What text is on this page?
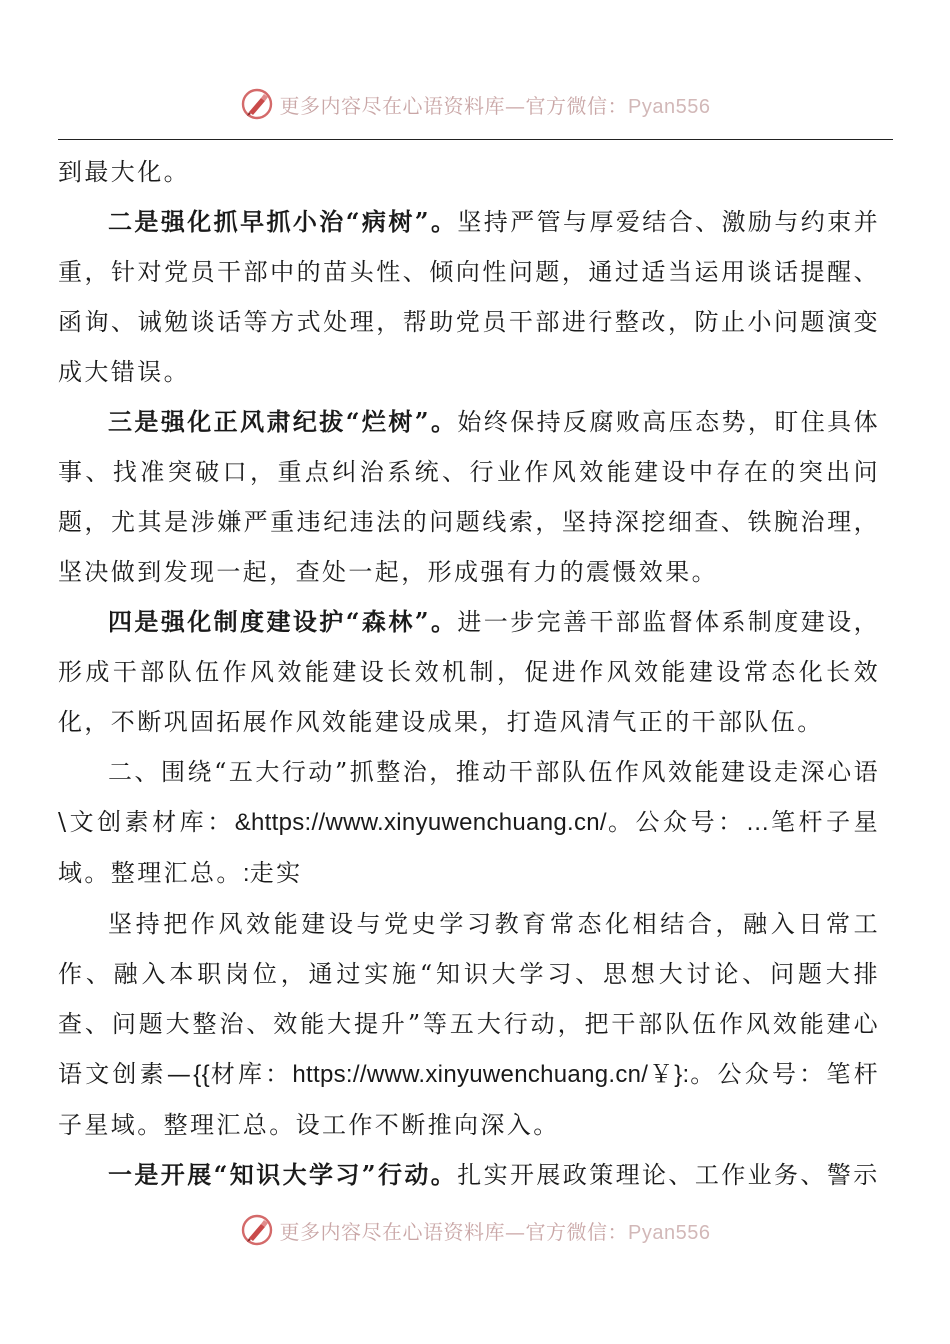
更多内容尽在心语资料库—官方微信：Pyan556

到最大化。

二是强化抓早抓小治“病树”。坚持严管与厚爱结合、激励与约束并重，针对党员干部中的苗头性、倾向性问题，通过适当运用谈话提醒、函询、诫勉谈话等方式处理，帮助党员干部进行整改，防止小问题演变成大错误。

三是强化正风肃纪拔“烂树”。始终保持反腐败高压态势，盯住具体事、找准突破口，重点纠治系统、行业作风效能建设中存在的突出问题，尤其是涉嫌严重违纪违法的问题线索，坚持深挖细查、铁腕治理，坚决做到发现一起，查处一起，形成强有力的震慑效果。

四是强化制度建设护“森林”。进一步完善干部监督体系制度建设，形成干部队伍作风效能建设长效机制，促进作风效能建设常态化长效化，不断巩固拓展作风效能建设成果，打造风清气正的干部队伍。

二、围绕“五大行动”抓整治，推动干部队伍作风效能建设走深心语\文创素材库：&https://www.xinyuwenchuang.cn/。公众号：…笔杆子星域。整理汇总。:走实

坚持把作风效能建设与党史学习教育常态化相结合，融入日常工作、融入本职岗位，通过实施“知识大学习、思想大讨论、问题大排查、问题大整治、效能大提升”等五大行动，把干部队伍作风效能建心语文创素—{{材库：https://www.xinyuwenchuang.cn/￥}:。公众号：笔杆子星域。整理汇总。设工作不断推向深入。

一是开展“知识大学习”行动。扎实开展政策理论、工作业务、警示

更多内容尽在心语资料库—官方微信：Pyan556
